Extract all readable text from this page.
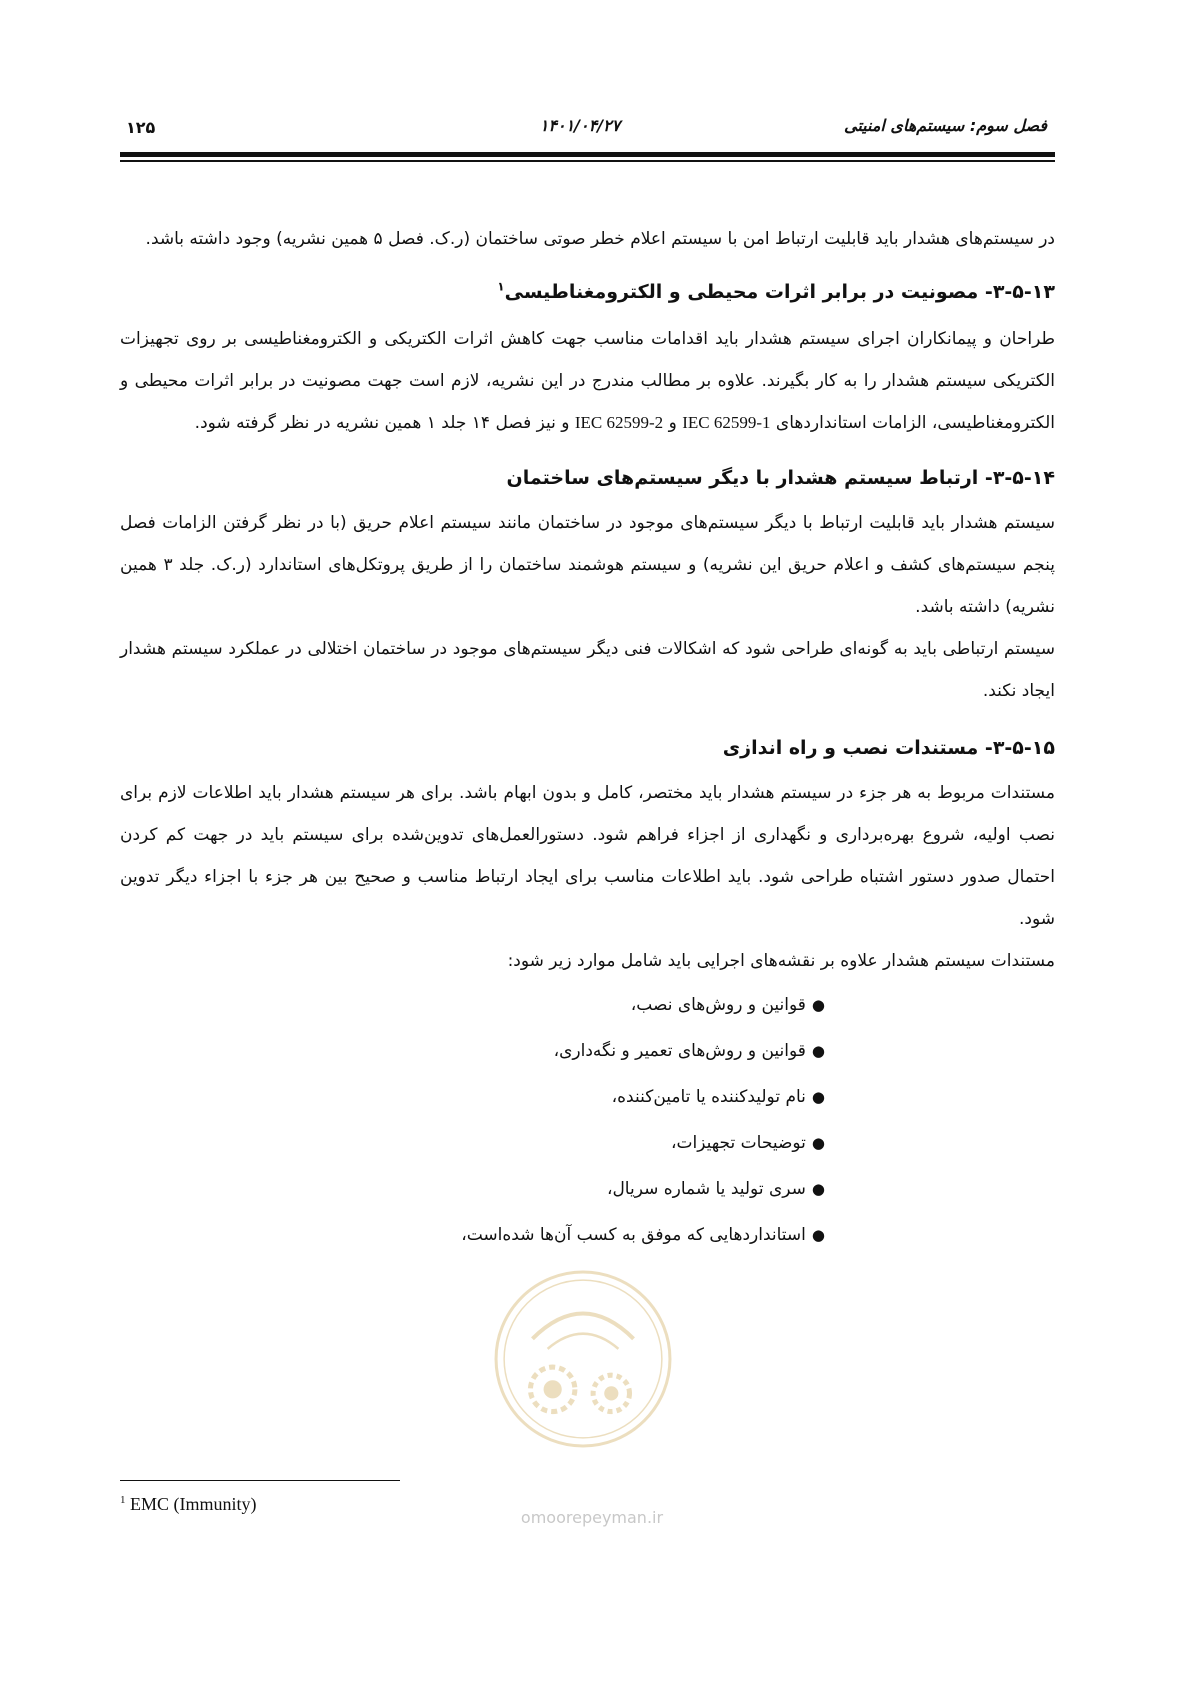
فصل سوم: سیستم‌های امنیتی
۱۴۰۱/۰۴/۲۷
۱۲۵

در سیستم‌های هشدار باید قابلیت ارتباط امن با سیستم اعلام خطر صوتی ساختمان (ر.ک. فصل ۵ همین نشریه) وجود داشته باشد.

۳-۵-۱۳- مصونیت در برابر اثرات محیطی و الکترومغناطیسی$^۱$

طراحان و پیمانکاران اجرای سیستم هشدار باید اقدامات مناسب جهت کاهش اثرات الکتریکی و الکترومغناطیسی بر روی تجهیزات الکتریکی سیستم هشدار را به کار بگیرند. علاوه بر مطالب مندرج در این نشریه، لازم است جهت مصونیت در برابر اثرات محیطی و الکترومغناطیسی، الزامات استانداردهای IEC 62599-1 و IEC 62599-2 و نیز فصل ۱۴ جلد ۱ همین نشریه در نظر گرفته شود.

۳-۵-۱۴- ارتباط سیستم هشدار با دیگر سیستم‌های ساختمان

سیستم هشدار باید قابلیت ارتباط با دیگر سیستم‌های موجود در ساختمان مانند سیستم اعلام حریق (با در نظر گرفتن الزامات فصل پنجم سیستم‌های کشف و اعلام حریق این نشریه) و سیستم هوشمند ساختمان را از طریق پروتکل‌های استاندارد (ر.ک. جلد ۳ همین نشریه) داشته باشد.

سیستم ارتباطی باید به گونه‌ای طراحی شود که اشکالات فنی دیگر سیستم‌های موجود در ساختمان اختلالی در عملکرد سیستم هشدار ایجاد نکند.

۳-۵-۱۵- مستندات نصب و راه اندازی

مستندات مربوط به هر جزء در سیستم هشدار باید مختصر، کامل و بدون ابهام باشد. برای هر سیستم هشدار باید اطلاعات لازم برای نصب اولیه، شروع بهره‌برداری و نگهداری از اجزاء فراهم شود. دستورالعمل‌های تدوین‌شده برای سیستم باید در جهت کم کردن احتمال صدور دستور اشتباه طراحی شود. باید اطلاعات مناسب برای ایجاد ارتباط مناسب و صحیح بین هر جزء با اجزاء دیگر تدوین شود.

مستندات سیستم هشدار علاوه بر نقشه‌های اجرایی باید شامل موارد زیر شود:

●قوانین و روش‌های نصب،
●قوانین و روش‌های تعمیر و نگه‌داری،
●نام تولیدکننده یا تامین‌کننده،
●توضیحات تجهیزات،
●سری تولید یا شماره سریال،
●استانداردهایی که موفق به کسب آن‌ها شده‌است،
omoorepeyman.ir
$^1$ EMC (Immunity)
